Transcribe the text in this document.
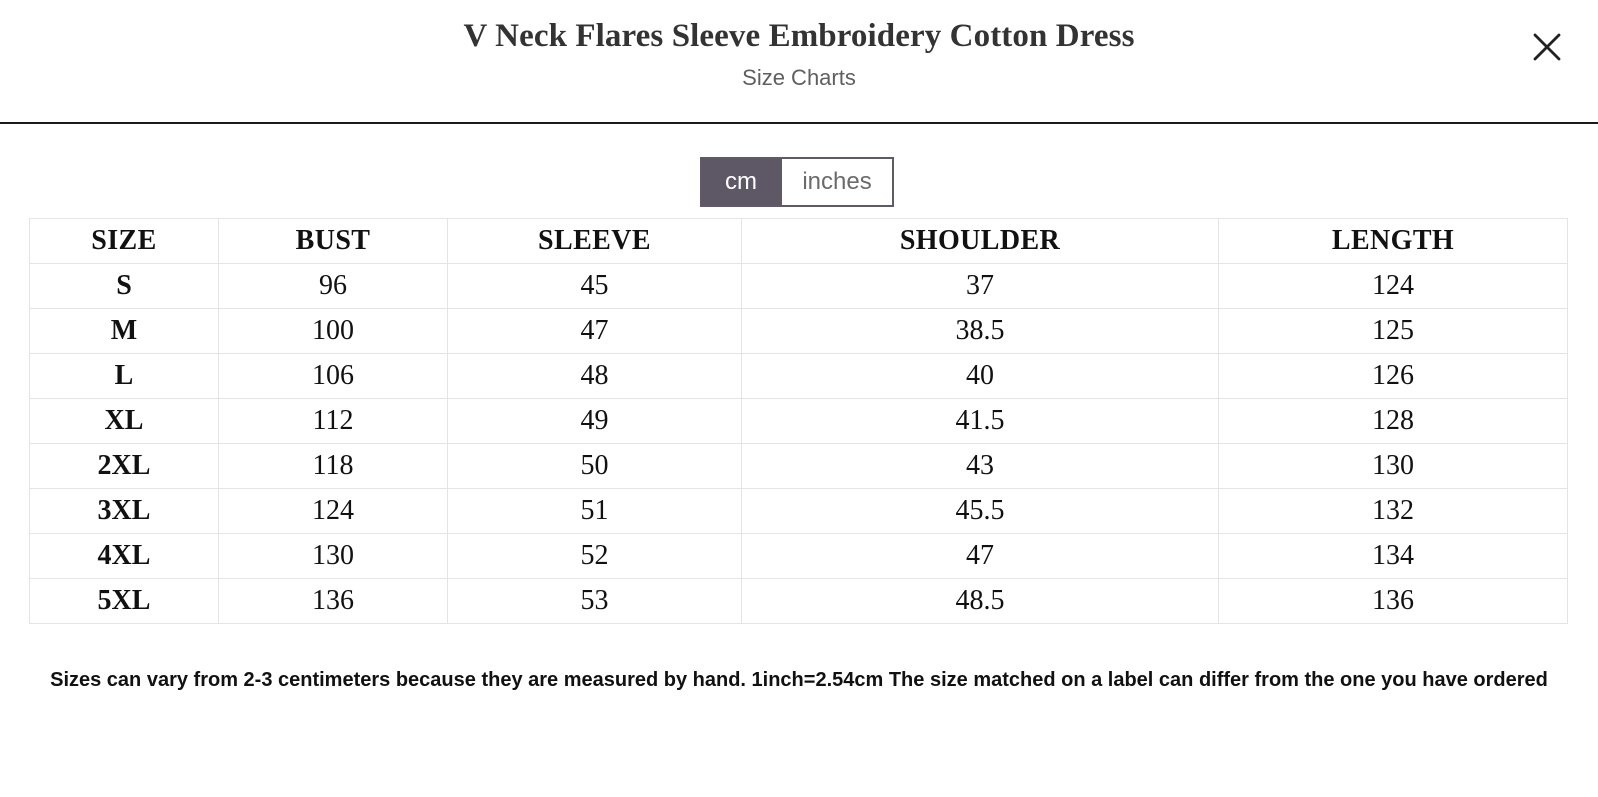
V Neck Flares Sleeve Embroidery Cotton Dress
Size Charts
cm	inches
SIZE	BUST	SLEEVE	SHOULDER	LENGTH
S	96	45	37	124
M	100	47	38.5	125
L	106	48	40	126
XL	112	49	41.5	128
2XL	118	50	43	130
3XL	124	51	45.5	132
4XL	130	52	47	134
5XL	136	53	48.5	136
Sizes can vary from 2-3 centimeters because they are measured by hand. 1inch=2.54cm The size matched on a label can differ from the one you have ordered
